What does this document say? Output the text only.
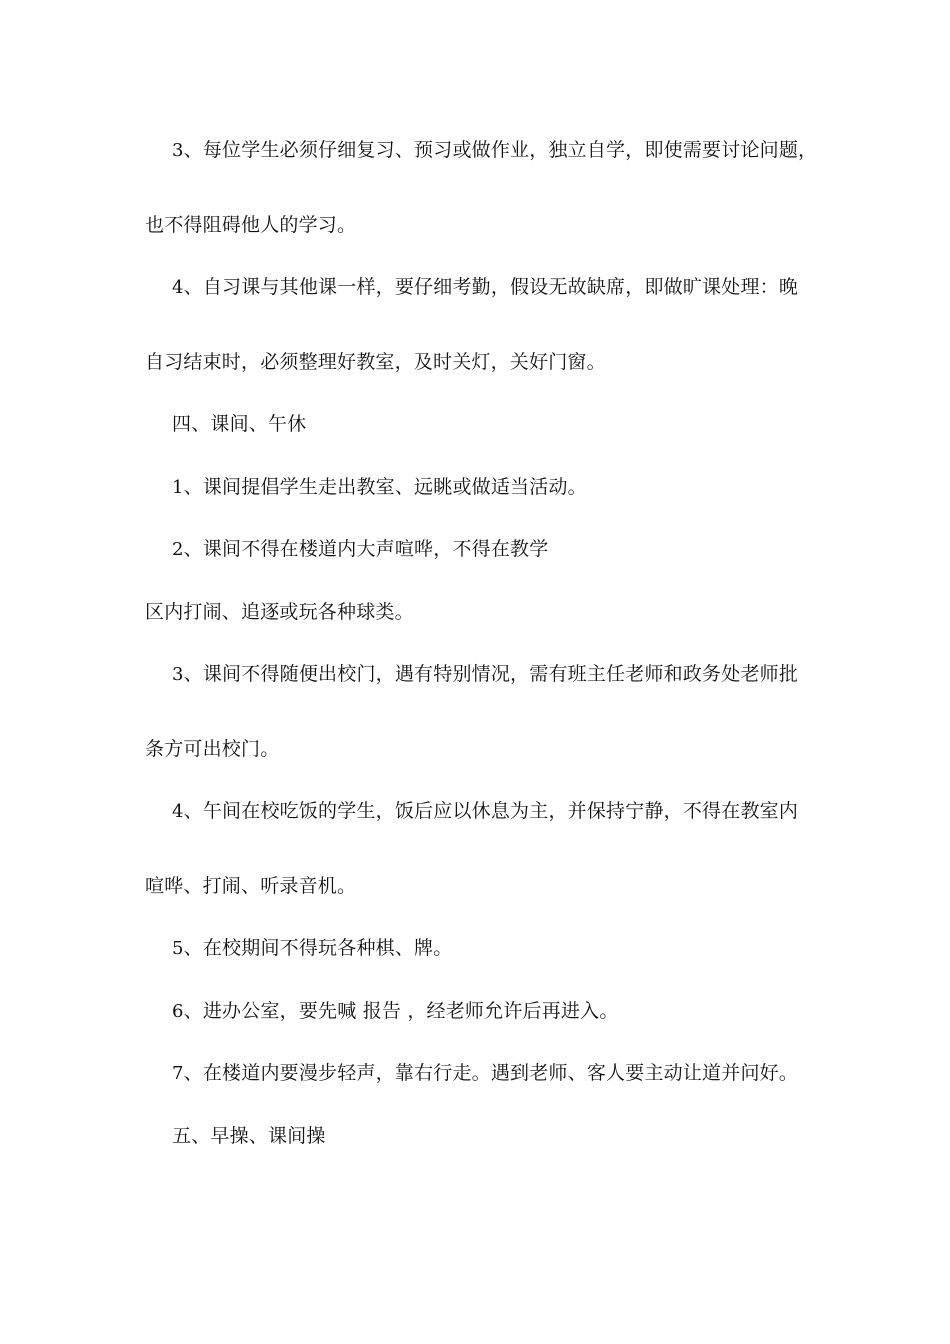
3、每位学生必须仔细复习、预习或做作业，独立自学，即使需要讨论问题，
也不得阻碍他人的学习。
4、自习课与其他课一样，要仔细考勤，假设无故缺席，即做旷课处理：晚
自习结束时，必须整理好教室，及时关灯，关好门窗。
四、课间、午休
1、课间提倡学生走出教室、远眺或做适当活动。
2、课间不得在楼道内大声喧哗，不得在教学
区内打闹、追逐或玩各种球类。
3、课间不得随便出校门，遇有特别情况，需有班主任老师和政务处老师批
条方可出校门。
4、午间在校吃饭的学生，饭后应以休息为主，并保持宁静，不得在教室内
喧哗、打闹、听录音机。
5、在校期间不得玩各种棋、牌。
6、进办公室，要先喊 报告 ，经老师允许后再进入。
7、在楼道内要漫步轻声，靠右行走。遇到老师、客人要主动让道并问好。
五、早操、课间操
